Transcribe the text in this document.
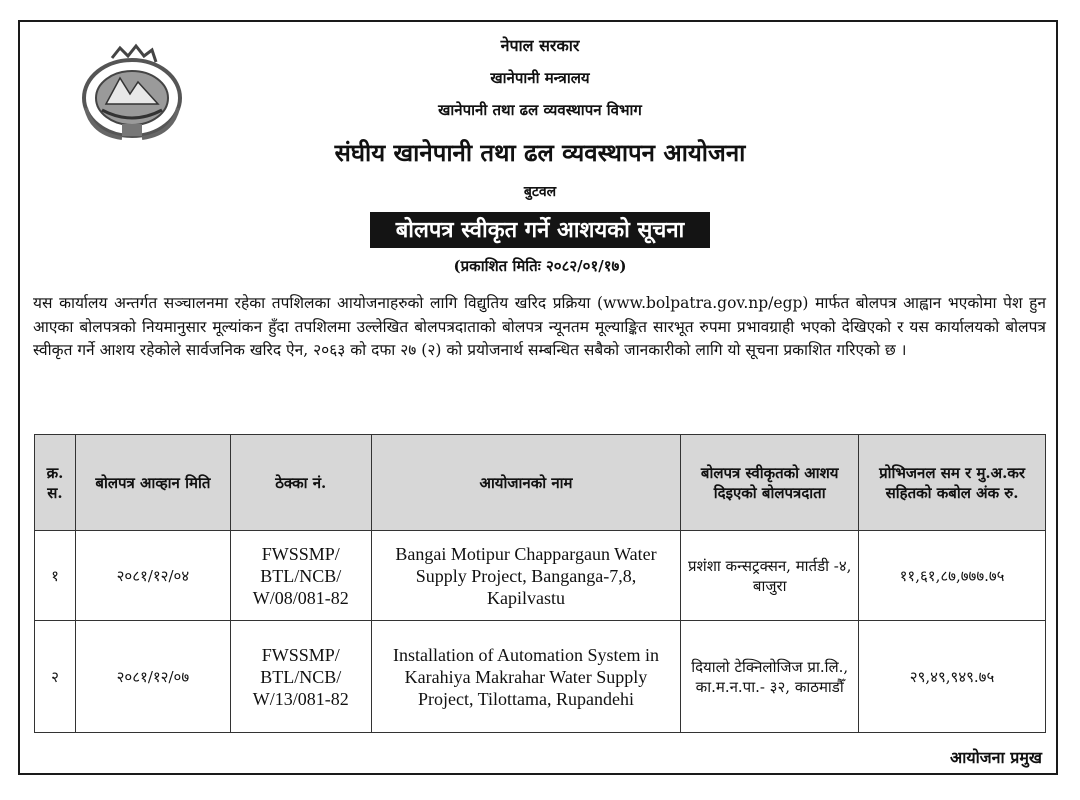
नेपाल सरकार
खानेपानी मन्त्रालय
खानेपानी तथा ढल व्यवस्थापन विभाग
संघीय खानेपानी तथा ढल व्यवस्थापन आयोजना
बुटवल
बोलपत्र स्वीकृत गर्ने आशयको सूचना
(प्रकाशित मितिः २०८२/०१/१७)
यस कार्यालय अन्तर्गत सञ्चालनमा रहेका तपशिलका आयोजनाहरुको लागि विद्युतिय खरिद प्रक्रिया (www.bolpatra.gov.np/egp) मार्फत बोलपत्र आह्वान भएकोमा पेश हुन आएका बोलपत्रको नियमानुसार मूल्यांकन हुँदा तपशिलमा उल्लेखित बोलपत्रदाताको बोलपत्र न्यूनतम मूल्याङ्कित सारभूत रुपमा प्रभावग्राही भएको देखिएको र यस कार्यालयको बोलपत्र स्वीकृत गर्ने आशय रहेकोले सार्वजनिक खरिद ऐन, २०६३ को दफा २७ (२) को प्रयोजनार्थ सम्बन्धित सबैको जानकारीको लागि यो सूचना प्रकाशित गरिएको छ ।
क्र. स.	बोलपत्र आव्हान मिति	ठेक्का नं.	आयोजानको नाम	बोलपत्र स्वीकृतको आशय दिइएको बोलपत्रदाता	प्रोभिजनल सम र मु.अ.कर सहितको कबोल अंक रु.
१	२०८१/१२/०४	FWSSMP/ BTL/NCB/ W/08/081-82	Bangai Motipur Chappargaun Water Supply Project, Banganga-7,8, Kapilvastu	प्रशंशा कन्सट्रक्सन, मार्तडी -४, बाजुरा	११,६१,८७,७७७.७५
२	२०८१/१२/०७	FWSSMP/ BTL/NCB/ W/13/081-82	Installation of Automation System in Karahiya Makrahar Water Supply Project, Tilottama, Rupandehi	दियालो टेक्निलोजिज प्रा.लि., का.म.न.पा.- ३२, काठमाडौँ	२९,४९,९४९.७५
आयोजना प्रमुख
